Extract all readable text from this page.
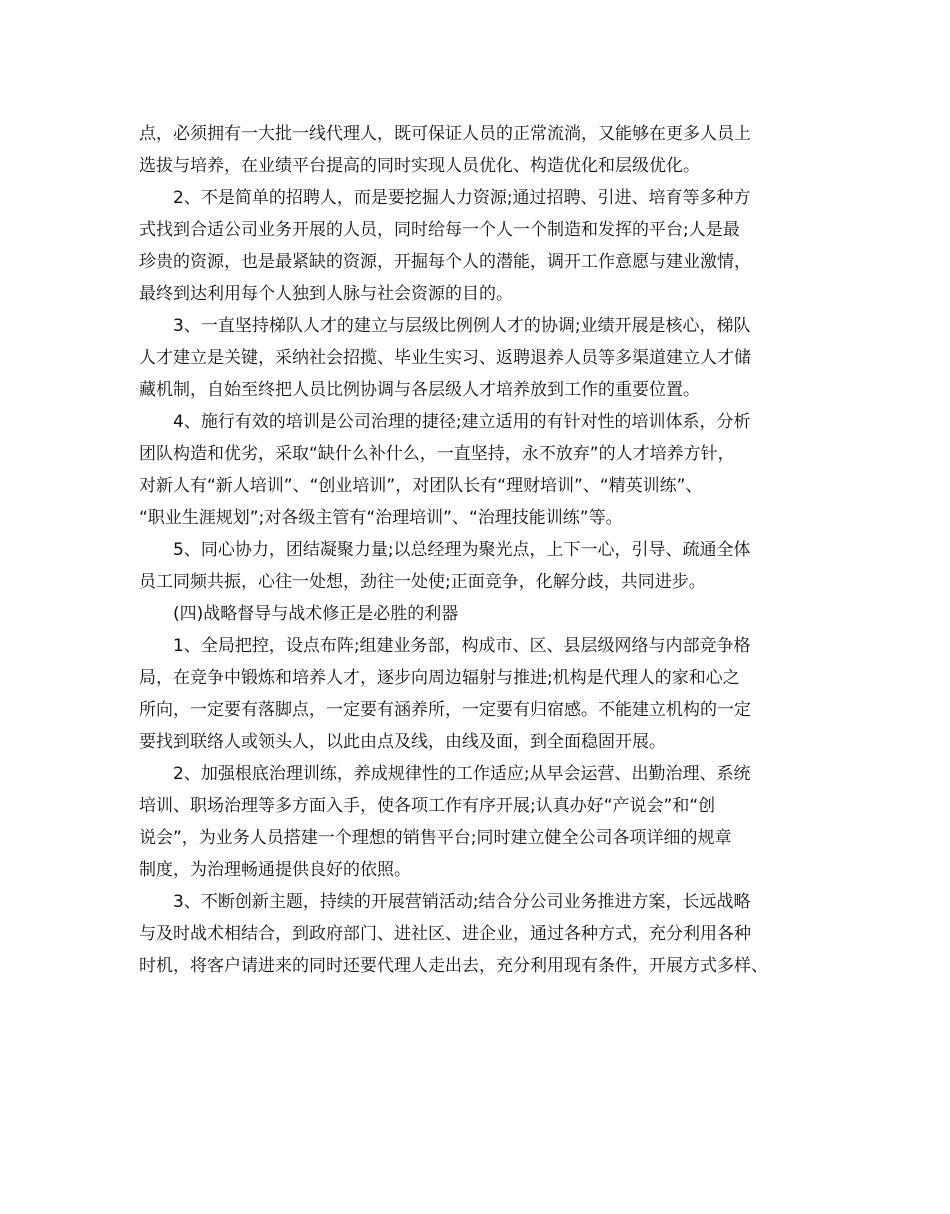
点，必须拥有一大批一线代理人，既可保证人员的正常流淌，又能够在更多人员上
选拔与培养，在业绩平台提高的同时实现人员优化、构造优化和层级优化。
2、不是简单的招聘人，而是要挖掘人力资源;通过招聘、引进、培育等多种方
式找到合适公司业务开展的人员，同时给每一个人一个制造和发挥的平台;人是最
珍贵的资源，也是最紧缺的资源，开掘每个人的潜能，调开工作意愿与建业激情，
最终到达利用每个人独到人脉与社会资源的目的。
3、一直坚持梯队人才的建立与层级比例例人才的协调;业绩开展是核心，梯队
人才建立是关键，采纳社会招揽、毕业生实习、返聘退养人员等多渠道建立人才储
藏机制，自始至终把人员比例协调与各层级人才培养放到工作的重要位置。
4、施行有效的培训是公司治理的捷径;建立适用的有针对性的培训体系，分析
团队构造和优劣，采取“缺什么补什么，一直坚持，永不放弃”的人才培养方针，
对新人有“新人培训”、“创业培训”，对团队长有“理财培训”、“精英训练”、
“职业生涯规划”;对各级主管有“治理培训”、“治理技能训练”等。
5、同心协力，团结凝聚力量;以总经理为聚光点，上下一心，引导、疏通全体
员工同频共振，心往一处想，劲往一处使;正面竞争，化解分歧，共同进步。
(四)战略督导与战术修正是必胜的利器
1、全局把控，设点布阵;组建业务部，构成市、区、县层级网络与内部竞争格
局，在竞争中锻炼和培养人才，逐步向周边辐射与推进;机构是代理人的家和心之
所向，一定要有落脚点，一定要有涵养所，一定要有归宿感。不能建立机构的一定
要找到联络人或领头人，以此由点及线，由线及面，到全面稳固开展。
2、加强根底治理训练，养成规律性的工作适应;从早会运营、出勤治理、系统
培训、职场治理等多方面入手，使各项工作有序开展;认真办好“产说会”和“创
说会”，为业务人员搭建一个理想的销售平台;同时建立健全公司各项详细的规章
制度，为治理畅通提供良好的依照。
3、不断创新主题，持续的开展营销活动;结合分公司业务推进方案，长远战略
与及时战术相结合，到政府部门、进社区、进企业，通过各种方式，充分利用各种
时机，将客户请进来的同时还要代理人走出去，充分利用现有条件，开展方式多样、
